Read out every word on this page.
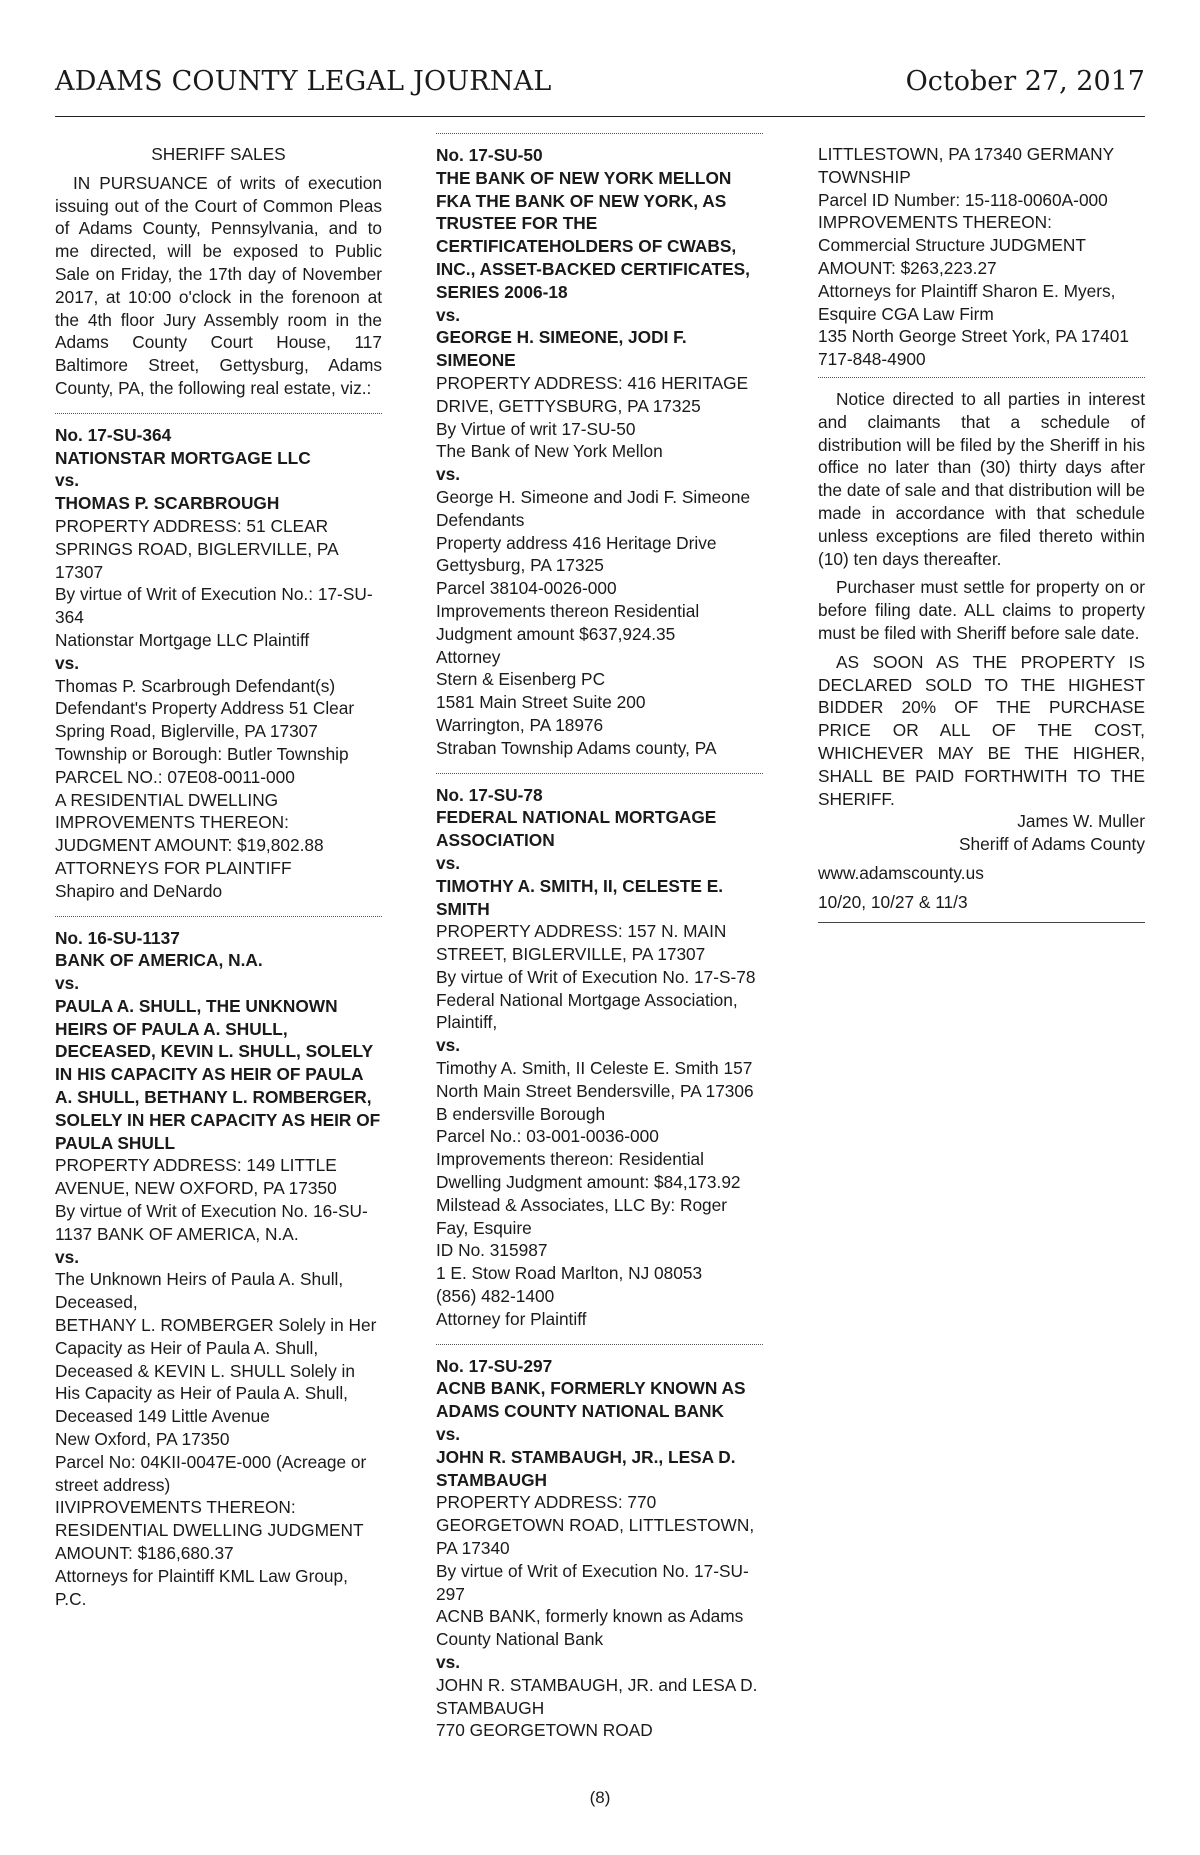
ADAMS COUNTY LEGAL JOURNAL	October 27, 2017

SHERIFF SALES

IN PURSUANCE of writs of execution issuing out of the Court of Common Pleas of Adams County, Pennsylvania, and to me directed, will be exposed to Public Sale on Friday, the 17th day of November 2017, at 10:00 o'clock in the forenoon at the 4th floor Jury Assembly room in the Adams County Court House, 117 Baltimore Street, Gettysburg, Adams County, PA, the following real estate, viz.:

No. 17-SU-364

NATIONSTAR MORTGAGE LLC

vs.

THOMAS P. SCARBROUGH

PROPERTY ADDRESS: 51 CLEAR SPRINGS ROAD, BIGLERVILLE, PA 17307

By virtue of Writ of Execution No.: 17-SU-364

Nationstar Mortgage LLC Plaintiff

vs.

Thomas P. Scarbrough Defendant(s)

Defendant's Property Address 51 Clear Spring Road, Biglerville, PA 17307

Township or Borough: Butler Township

PARCEL NO.: 07E08-0011-000

A RESIDENTIAL DWELLING

IMPROVEMENTS THEREON:

JUDGMENT AMOUNT: $19,802.88

ATTORNEYS FOR PLAINTIFF

Shapiro and DeNardo

No. 16-SU-1137

BANK OF AMERICA, N.A.

vs.

PAULA A. SHULL, THE UNKNOWN HEIRS OF PAULA A. SHULL, DECEASED, KEVIN L. SHULL, SOLELY IN HIS CAPACITY AS HEIR OF PAULA A. SHULL, BETHANY L. ROMBERGER, SOLELY IN HER CAPACITY AS HEIR OF PAULA SHULL

PROPERTY ADDRESS: 149 LITTLE AVENUE, NEW OXFORD, PA 17350

By virtue of Writ of Execution No. 16-SU-1137 BANK OF AMERICA, N.A.

vs.

The Unknown Heirs of Paula A. Shull, Deceased,

BETHANY L. ROMBERGER Solely in Her Capacity as Heir of Paula A. Shull, Deceased & KEVIN L. SHULL Solely in His Capacity as Heir of Paula A. Shull, Deceased 149 Little Avenue

New Oxford, PA 17350

Parcel No: 04KII-0047E-000 (Acreage or street address)

IIVIPROVEMENTS THEREON: RESIDENTIAL DWELLING JUDGMENT AMOUNT: $186,680.37

Attorneys for Plaintiff KML Law Group, P.C.

No. 17-SU-50

THE BANK OF NEW YORK MELLON FKA THE BANK OF NEW YORK, AS TRUSTEE FOR THE CERTIFICATEHOLDERS OF CWABS, INC., ASSET-BACKED CERTIFICATES, SERIES 2006-18

vs.

GEORGE H. SIMEONE, JODI F. SIMEONE

PROPERTY ADDRESS: 416 HERITAGE DRIVE, GETTYSBURG, PA 17325

By Virtue of writ 17-SU-50

The Bank of New York Mellon

vs.

George H. Simeone and Jodi F. Simeone Defendants

Property address 416 Heritage Drive Gettysburg, PA 17325

Parcel 38104-0026-000

Improvements thereon Residential Judgment amount $637,924.35

Attorney

Stern & Eisenberg PC

1581 Main Street Suite 200

Warrington, PA 18976

Straban Township Adams county, PA

No. 17-SU-78

FEDERAL NATIONAL MORTGAGE ASSOCIATION

vs.

TIMOTHY A. SMITH, II, CELESTE E. SMITH

PROPERTY ADDRESS: 157 N. MAIN STREET, BIGLERVILLE, PA 17307

By virtue of Writ of Execution No. 17-S-78

Federal National Mortgage Association, Plaintiff,

vs.

Timothy A. Smith, II Celeste E. Smith 157 North Main Street Bendersville, PA 17306 B endersville Borough

Parcel No.: 03-001-0036-000

Improvements thereon: Residential Dwelling Judgment amount: $84,173.92

Milstead & Associates, LLC By: Roger Fay, Esquire

ID No. 315987

1 E. Stow Road Marlton, NJ 08053

(856) 482-1400

Attorney for Plaintiff

No. 17-SU-297

ACNB BANK, FORMERLY KNOWN AS ADAMS COUNTY NATIONAL BANK

vs.

JOHN R. STAMBAUGH, JR., LESA D. STAMBAUGH

PROPERTY ADDRESS: 770 GEORGETOWN ROAD, LITTLESTOWN, PA 17340

By virtue of Writ of Execution No. 17-SU-297

ACNB BANK, formerly known as Adams County National Bank

vs.

JOHN R. STAMBAUGH, JR. and LESA D. STAMBAUGH

770 GEORGETOWN ROAD

LITTLESTOWN, PA 17340 GERMANY TOWNSHIP

Parcel ID Number: 15-118-0060A-000

IMPROVEMENTS THEREON: Commercial Structure JUDGMENT AMOUNT: $263,223.27

Attorneys for Plaintiff Sharon E. Myers, Esquire CGA Law Firm

135 North George Street York, PA 17401

717-848-4900

Notice directed to all parties in interest and claimants that a schedule of distribution will be filed by the Sheriff in his office no later than (30) thirty days after the date of sale and that distribution will be made in accordance with that schedule unless exceptions are filed thereto within (10) ten days thereafter.

Purchaser must settle for property on or before filing date. ALL claims to property must be filed with Sheriff before sale date.

AS SOON AS THE PROPERTY IS DECLARED SOLD TO THE HIGHEST BIDDER 20% OF THE PURCHASE PRICE OR ALL OF THE COST, WHICHEVER MAY BE THE HIGHER, SHALL BE PAID FORTHWITH TO THE SHERIFF.

James W. Muller

Sheriff of Adams County

www.adamscounty.us

10/20, 10/27 & 11/3

(8)
